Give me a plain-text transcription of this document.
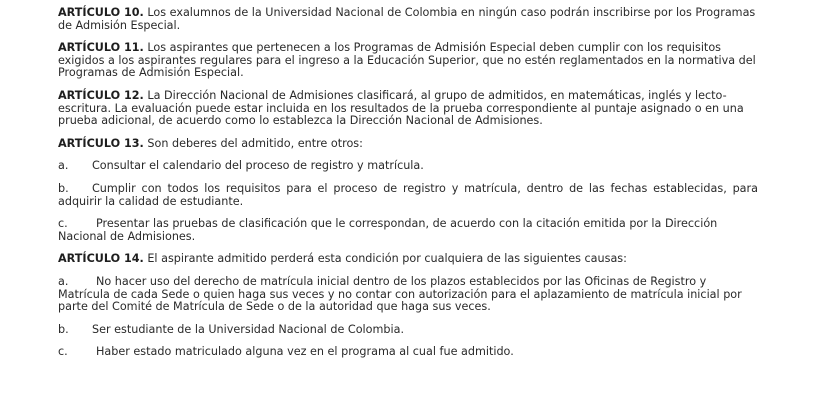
ARTÍCULO 10. Los exalumnos de la Universidad Nacional de Colombia en ningún caso podrán inscribirse por los Programas de Admisión Especial.

ARTÍCULO 11. Los aspirantes que pertenecen a los Programas de Admisión Especial deben cumplir con los requisitos exigidos a los aspirantes regulares para el ingreso a la Educación Superior, que no estén reglamentados en la normativa del Programas de Admisión Especial.

ARTÍCULO 12. La Dirección Nacional de Admisiones clasificará, al grupo de admitidos, en matemáticas, inglés y lecto-escritura. La evaluación puede estar incluida en los resultados de la prueba correspondiente al puntaje asignado o en una prueba adicional, de acuerdo como lo establezca la Dirección Nacional de Admisiones.

ARTÍCULO 13. Son deberes del admitido, entre otros:

a. Consultar el calendario del proceso de registro y matrícula.

b. Cumplir con todos los requisitos para el proceso de registro y matrícula, dentro de las fechas establecidas, para adquirir la calidad de estudiante.

c.	Presentar las pruebas de clasificación que le correspondan, de acuerdo con la citación emitida por la Dirección Nacional de Admisiones.

ARTÍCULO 14. El aspirante admitido perderá esta condición por cualquiera de las siguientes causas:

a. No hacer uso del derecho de matrícula inicial dentro de los plazos establecidos por las Oficinas de Registro y Matrícula de cada Sede o quien haga sus veces y no contar con autorización para el aplazamiento de matrícula inicial por parte del Comité de Matrícula de Sede o de la autoridad que haga sus veces.

b. Ser estudiante de la Universidad Nacional de Colombia.

c.	Haber estado matriculado alguna vez en el programa al cual fue admitido.
